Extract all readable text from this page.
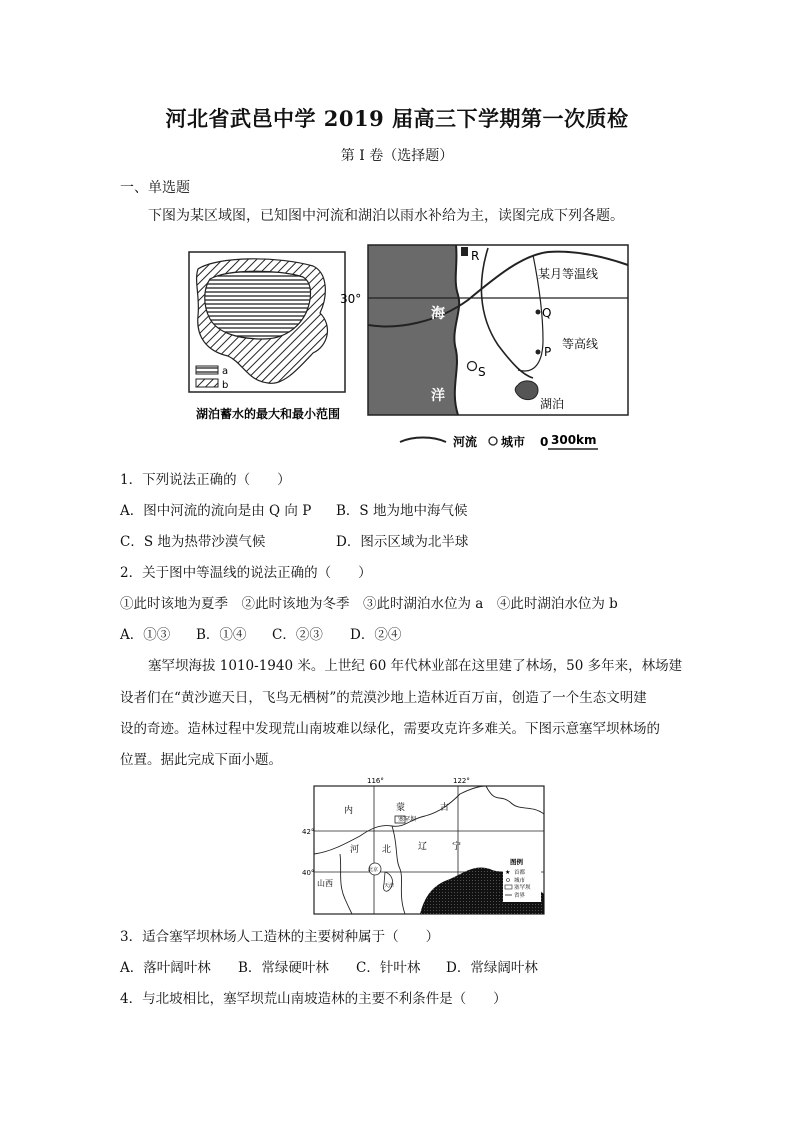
河北省武邑中学 2019 届高三下学期第一次质检
第 I 卷（选择题）
一、单选题
下图为某区域图，已知图中河流和湖泊以雨水补给为主，读图完成下列各题。
a
b
湖泊蓄水的最大和最小范围
30°
R
Q
P
S
海
洋
某月等温线
等高线
湖泊
河流 城市 0 300km
1．下列说法正确的（　　）
A．图中河流的流向是由 Q 向 P B．S 地为地中海气候
C．S 地为热带沙漠气候	D．图示区域为北半球
2．关于图中等温线的说法正确的（　　）
①此时该地为夏季　②此时该地为冬季　③此时湖泊水位为 a　④此时湖泊水位为 b
A．①③ B．①④ C．②③ D．②④
塞罕坝海拔 1010-1940 米。上世纪 60 年代林业部在这里建了林场，50 多年来，林场建
设者们在“黄沙遮天日，飞鸟无栖树”的荒漠沙地上造林近百万亩，创造了一个生态文明建
设的奇迹。造林过程中发现荒山南坡难以绿化，需要攻克许多难关。下图示意塞罕坝林场的
位置。据此完成下面小题。
116°	122°
42°
40°
塞罕坝
内	蒙	古
河	北	辽	宁
山西
北京
天津
图例
★ 首都
城市
塞罕坝
省界
3．适合塞罕坝林场人工造林的主要树种属于（　　）
A．落叶阔叶林 B．常绿硬叶林 C．针叶林 D．常绿阔叶林
4．与北坡相比，塞罕坝荒山南坡造林的主要不利条件是（　　）
